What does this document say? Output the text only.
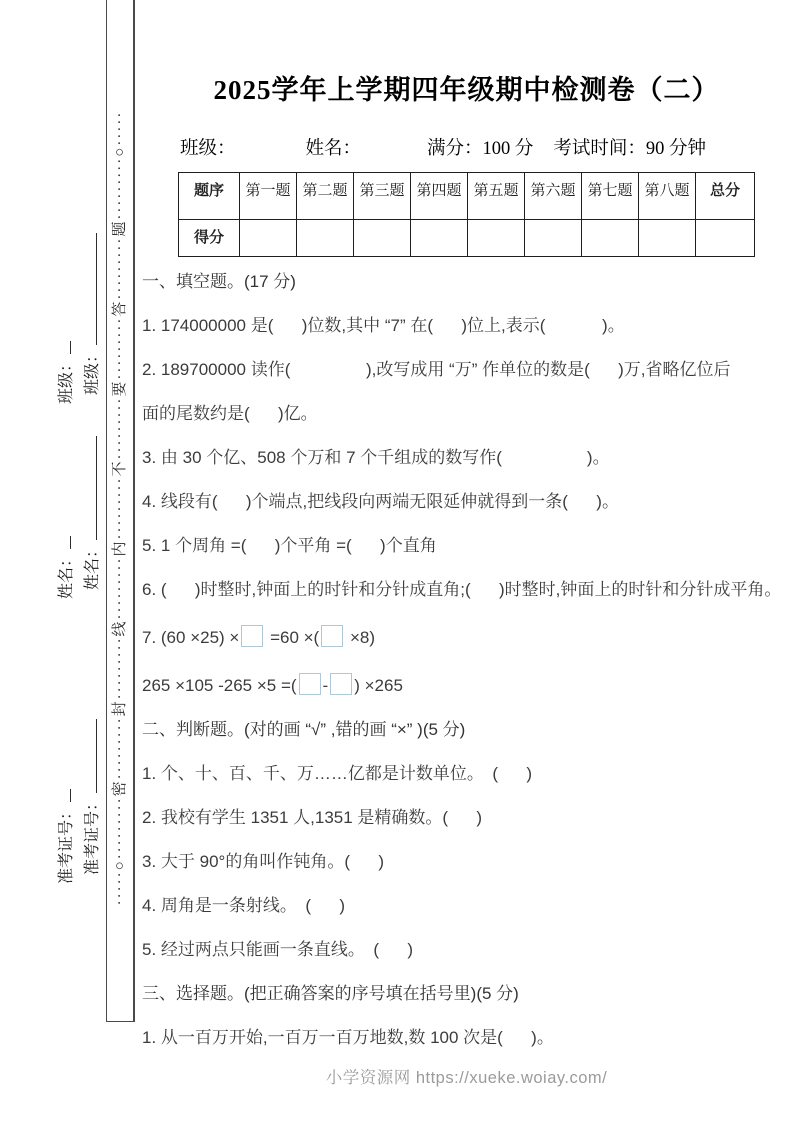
班级： 班级：
姓名： 姓名：
准考证号： 准考证号： ·····○·········密·········封·········线·········内·········不·········要·········答·········题·········○·····
2025学年上学期四年级期中检测卷（二）
班级：	姓名：	满分：100 分 考试时间：90 分钟
题序	第一题	第二题	第三题	第四题	第五题	第六题	第七题	第八题	总分
得分									
一、填空题。(17 分)
1. 174000000 是(      )位数,其中 “7” 在(      )位上,表示(            )。
2. 189700000 读作(                ),改写成用 “万” 作单位的数是(      )万,省略亿位后
面的尾数约是(      )亿。
3. 由 30 个亿、508 个万和 7 个千组成的数写作(                  )。
4. 线段有(      )个端点,把线段向两端无限延伸就得到一条(      )。
5. 1 个周角 =(      )个平角 =(      )个直角
6. (      )时整时,钟面上的时针和分针成直角;(      )时整时,钟面上的时针和分针成平角。
7. (60 ×25) × =60 ×( ×8)
265 ×105 -265 ×5 =( - ) ×265
二、判断题。(对的画 “√” ,错的画 “×” )(5 分)
1. 个、十、百、千、万……亿都是计数单位。　(      )
2. 我校有学生 1351 人,1351 是精确数。(      )
3. 大于 90°的角叫作钝角。(      )
4. 周角是一条射线。　(      )
5. 经过两点只能画一条直线。　(      )
三、选择题。(把正确答案的序号填在括号里)(5 分)
1. 从一百万开始,一百万一百万地数,数 100 次是(      )。
小学资源网 https://xueke.woiay.com/
